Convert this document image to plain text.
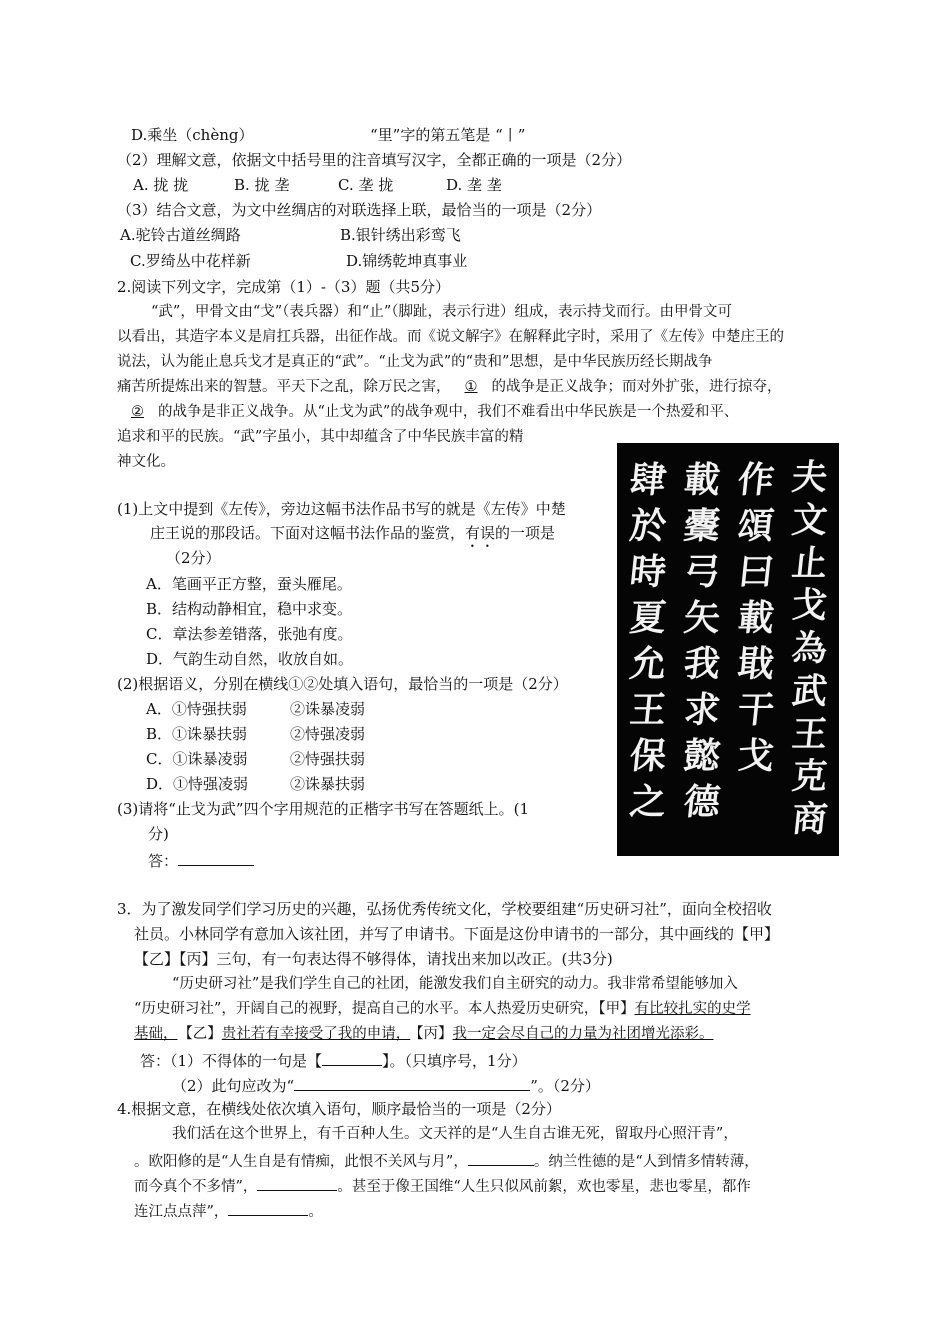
D.乘坐（chèng）	“里”字的第五笔是 “丨”
（2）理解文意，依据文中括号里的注音填写汉字，全都正确的一项是（2分）
A. 拢 拢	B. 拢 垄	C. 垄 拢	D. 垄 垄
（3）结合文意，为文中丝绸店的对联选择上联，最恰当的一项是（2分）
A.驼铃古道丝绸路	B.银针绣出彩鸾飞
C.罗绮丛中花样新	D.锦绣乾坤真事业
2.阅读下列文字，完成第（1）-（3）题（共5分）
“武”，甲骨文由“戈”（表兵器）和“止”（脚趾，表示行进）组成，表示持戈而行。由甲骨文可
以看出，其造字本义是肩扛兵器，出征作战。而《说文解字》在解释此字时，采用了《左传》中楚庄王的
说法，认为能止息兵戈才是真正的“武”。“止戈为武”的“贵和”思想，是中华民族历经长期战争
痛苦所提炼出来的智慧。平天下之乱，除万民之害， ① 的战争是正义战争；而对外扩张，进行掠夺，
② 的战争是非正义战争。从“止戈为武”的战争观中，我们不难看出中华民族是一个热爱和平、
追求和平的民族。“武”字虽小，其中却蕴含了中华民族丰富的精
神文化。	肆
於
時
夏
允
王
保
之
載
櫜
弓
矢
我
求
懿
德
作
頌
曰
載
戢
干
戈
夫
文
止
戈
為
武
王
克
商
(1)上文中提到《左传》，旁边这幅书法作品书写的就是《左传》中楚
庄王说的那段话。下面对这幅书法作品的鉴赏，有误的一项是
（2分）
A．笔画平正方整，蚕头雁尾。
B．结构动静相宜，稳中求变。
C．章法参差错落，张弛有度。
D．气韵生动自然，收放自如。
(2)根据语义，分别在横线①②处填入语句，最恰当的一项是（2分）
A．①恃强扶弱	②诛暴凌弱
B．①诛暴扶弱	②恃强凌弱
C．①诛暴凌弱	②恃强扶弱
D．①恃强凌弱	②诛暴扶弱
(3)请将“止戈为武”四个字用规范的正楷字书写在答题纸上。(1
分)
答：
3．为了激发同学们学习历史的兴趣，弘扬优秀传统文化，学校要组建“历史研习社”，面向全校招收
社员。小林同学有意加入该社团，并写了申请书。下面是这份申请书的一部分，其中画线的【甲】
【乙】【丙】三句，有一句表达得不够得体，请找出来加以改正。(共3分)
“历史研习社”是我们学生自己的社团，能激发我们自主研究的动力。我非常希望能够加入
“历史研习社”，开阔自己的视野，提高自己的水平。本人热爱历史研究，【甲】有比较扎实的史学
基础， 【乙】贵社若有幸接受了我的申请， 【丙】我一定会尽自己的力量为社团增光添彩。
答：（1）不得体的一句是【	】。（只填序号，1分）
（2）此句应改为“	”。（2分）
4.根据文意，在横线处依次填入语句，顺序最恰当的一项是（2分）
我们活在这个世界上，有千百种人生。文天祥的是“人生自古谁无死，留取丹心照汗青”，
。欧阳修的是“人生自是有情痴，此恨不关风与月”，	。纳兰性德的是“人到情多情转薄，
而今真个不多情”，	。甚至于像王国维“人生只似风前絮，欢也零星，悲也零星，都作
连江点点萍”，	。
